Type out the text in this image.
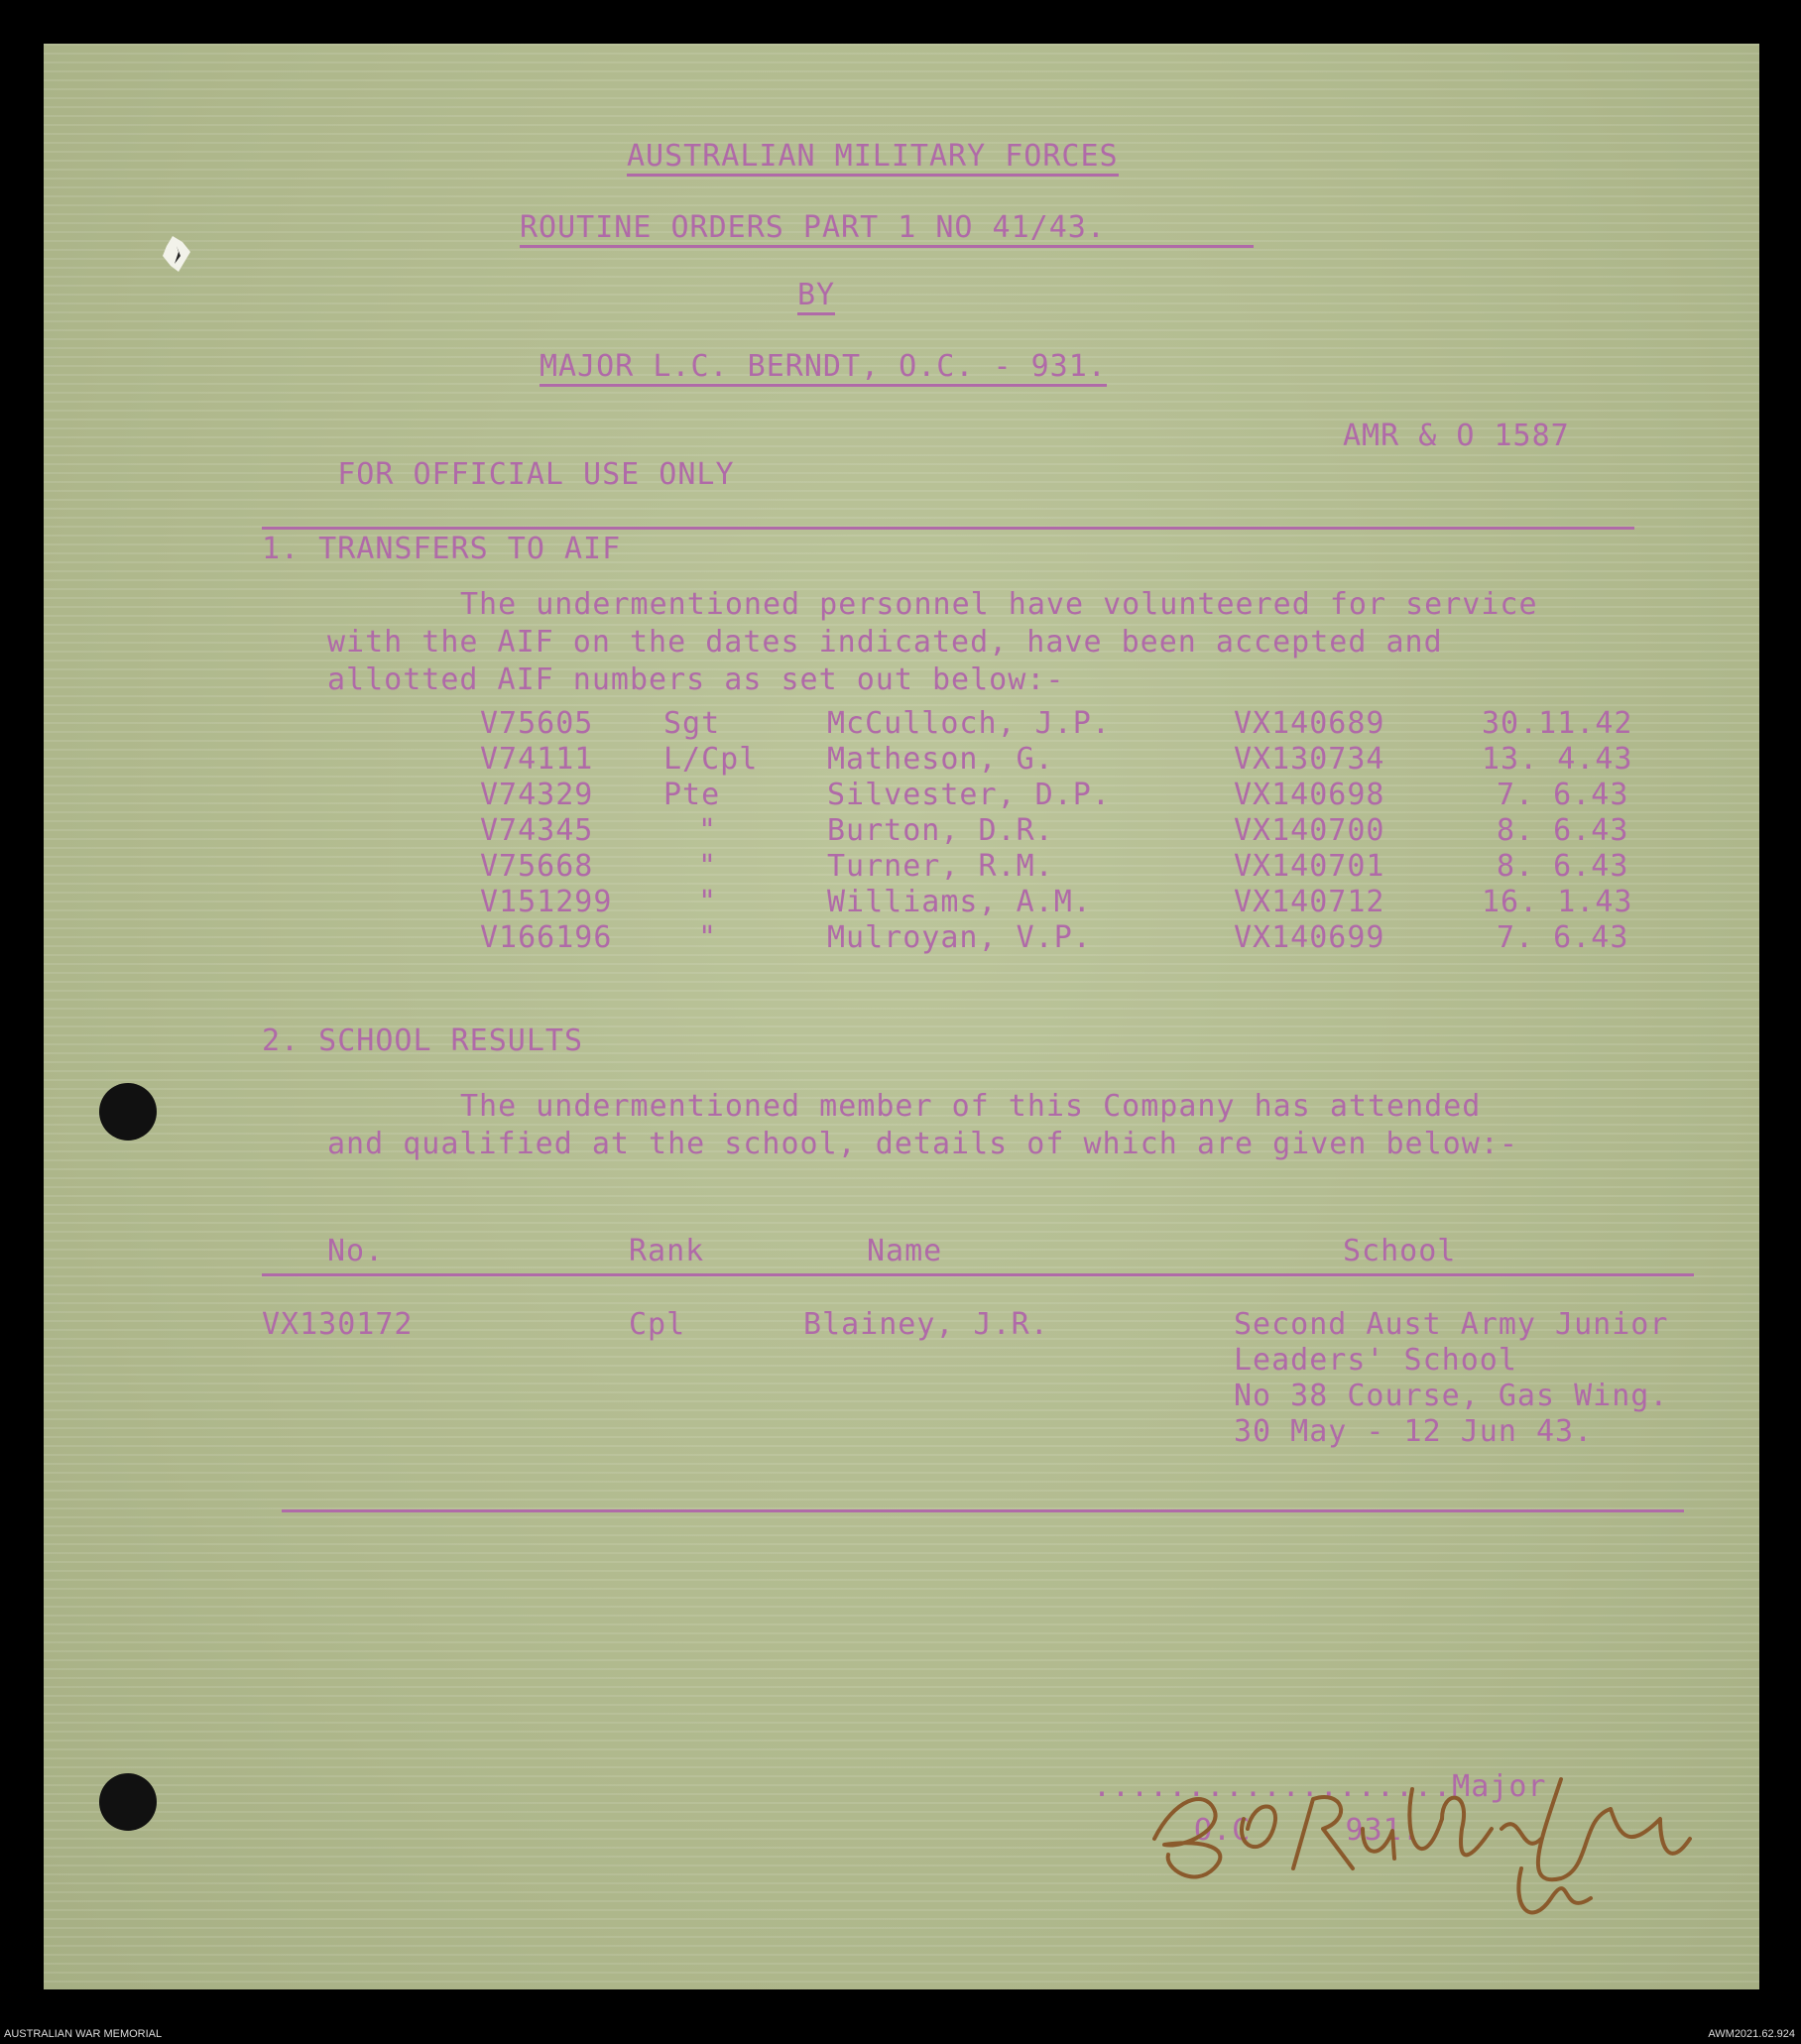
AUSTRALIAN MILITARY FORCES
ROUTINE ORDERS PART 1 NO 41/43.
BY
MAJOR L.C. BERNDT, O.C. - 931.

FOR OFFICIAL USE ONLY

AMR & O 1587
1. TRANSFERS TO AIF
The undermentioned personnel have volunteered for service
with the AIF on the dates indicated, have been accepted and
allotted AIF numbers as set out below:-
V75605 Sgt	McCulloch, J.P.	VX140689	30.11.42
V74111 L/Cpl Matheson, G.	VX130734	13. 4.43
V74329 Pte	Silvester, D.P.	VX140698	7. 6.43
V74345	"	Burton, D.R.	VX140700	8. 6.43
V75668	"	Turner, R.M.	VX140701	8. 6.43
V151299	"	Williams, A.M.	VX140712	16. 1.43
V166196	"	Mulroyan, V.P.	VX140699	7. 6.43
2. SCHOOL RESULTS
The undermentioned member of this Company has attended
and qualified at the school, details of which are given below:-
No.	Rank	Name	School
VX130172	Cpl	Blainey, J.R.	Second Aust Army Junior
Leaders' School
No 38 Course, Gas Wing.
30 May - 12 Jun 43.
...................Major
O.C     931.
AUSTRALIAN WAR MEMORIAL	AWM2021.62.924
